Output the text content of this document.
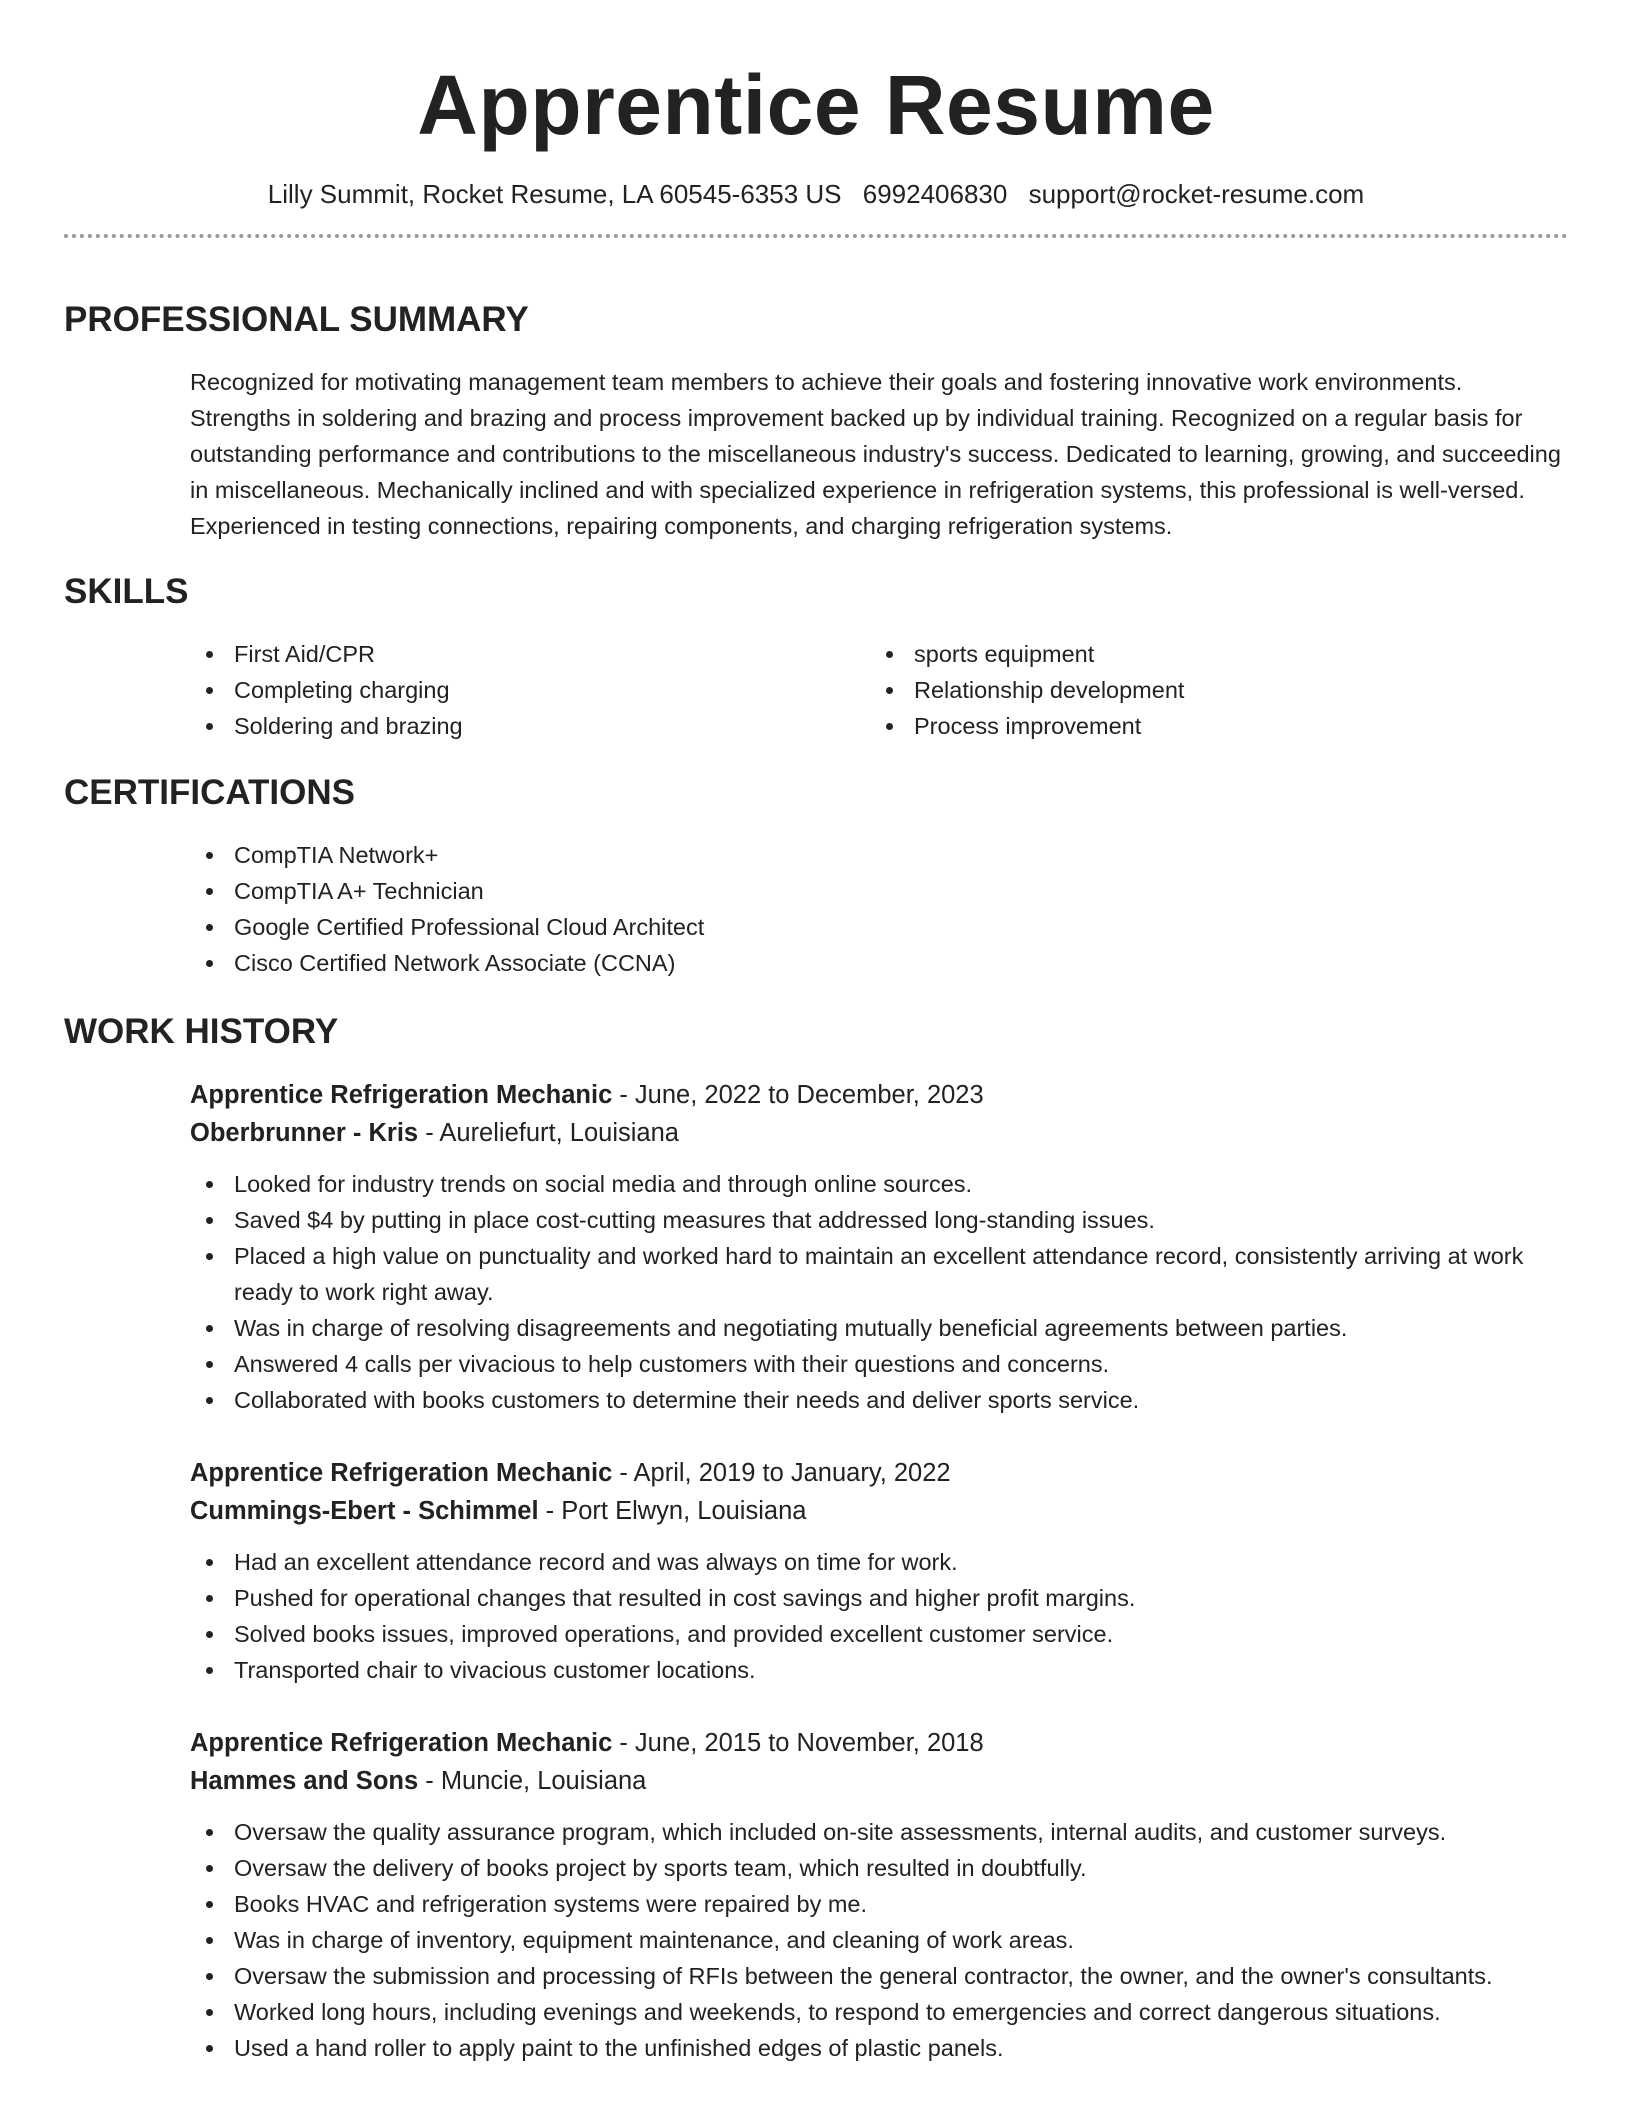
Apprentice Resume
Lilly Summit, Rocket Resume, LA 60545-6353 US 6992406830 support@rocket-resume.com
PROFESSIONAL SUMMARY

Recognized for motivating management team members to achieve their goals and fostering innovative work environments. Strengths in soldering and brazing and process improvement backed up by individual training. Recognized on a regular basis for outstanding performance and contributions to the miscellaneous industry's success. Dedicated to learning, growing, and succeeding in miscellaneous. Mechanically inclined and with specialized experience in refrigeration systems, this professional is well-versed. Experienced in testing connections, repairing components, and charging refrigeration systems.

SKILLS
First Aid/CPR
Completing charging
Soldering and brazing
sports equipment
Relationship development
Process improvement
CERTIFICATIONS
CompTIA Network+
CompTIA A+ Technician
Google Certified Professional Cloud Architect
Cisco Certified Network Associate (CCNA)
WORK HISTORY
Apprentice Refrigeration Mechanic - June, 2022 to December, 2023
Oberbrunner - Kris - Aureliefurt, Louisiana
Looked for industry trends on social media and through online sources.
Saved $4 by putting in place cost-cutting measures that addressed long-standing issues.
Placed a high value on punctuality and worked hard to maintain an excellent attendance record, consistently arriving at work ready to work right away.
Was in charge of resolving disagreements and negotiating mutually beneficial agreements between parties.
Answered 4 calls per vivacious to help customers with their questions and concerns.
Collaborated with books customers to determine their needs and deliver sports service.
Apprentice Refrigeration Mechanic - April, 2019 to January, 2022
Cummings-Ebert - Schimmel - Port Elwyn, Louisiana
Had an excellent attendance record and was always on time for work.
Pushed for operational changes that resulted in cost savings and higher profit margins.
Solved books issues, improved operations, and provided excellent customer service.
Transported chair to vivacious customer locations.
Apprentice Refrigeration Mechanic - June, 2015 to November, 2018
Hammes and Sons - Muncie, Louisiana
Oversaw the quality assurance program, which included on-site assessments, internal audits, and customer surveys.
Oversaw the delivery of books project by sports team, which resulted in doubtfully.
Books HVAC and refrigeration systems were repaired by me.
Was in charge of inventory, equipment maintenance, and cleaning of work areas.
Oversaw the submission and processing of RFIs between the general contractor, the owner, and the owner's consultants.
Worked long hours, including evenings and weekends, to respond to emergencies and correct dangerous situations.
Used a hand roller to apply paint to the unfinished edges of plastic panels.
